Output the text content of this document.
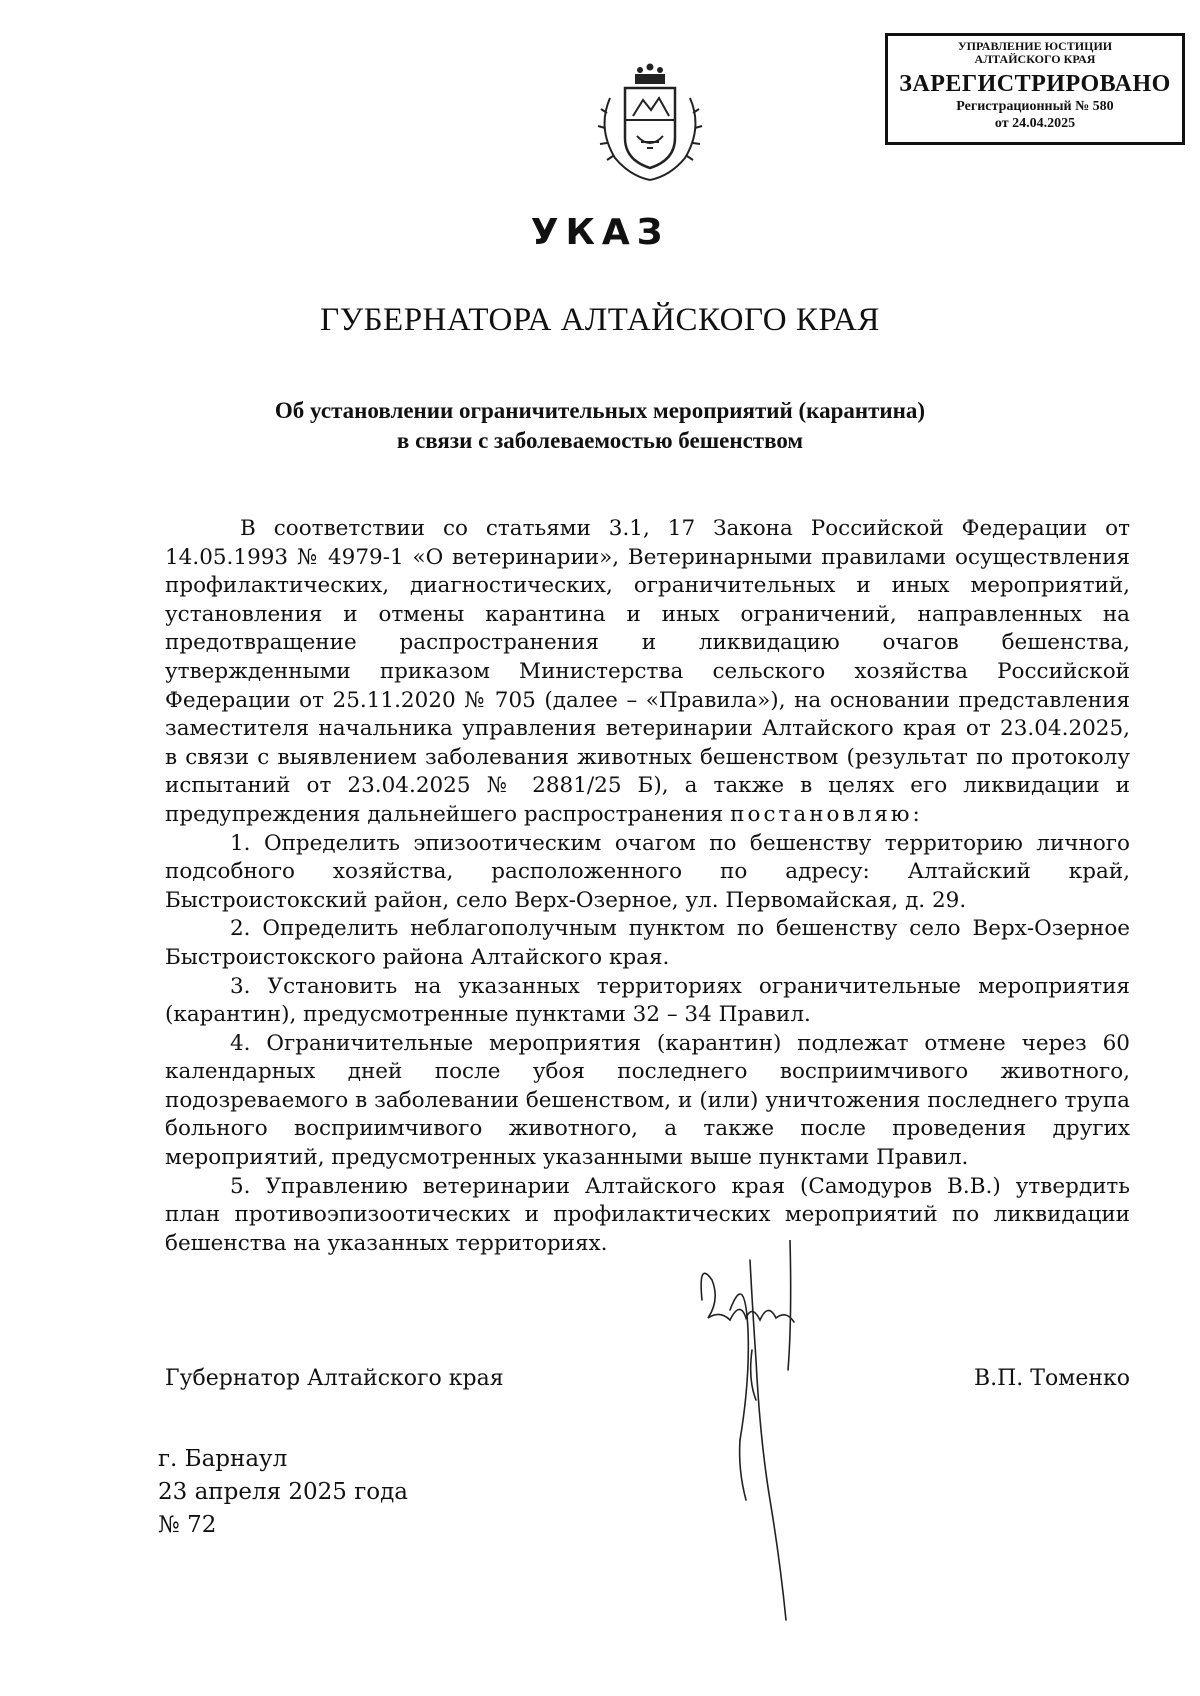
УПРАВЛЕНИЕ ЮСТИЦИИ
АЛТАЙСКОГО КРАЯ
ЗАРЕГИСТРИРОВАНО
Регистрационный № 580
от 24.04.2025
УКАЗ
ГУБЕРНАТОРА АЛТАЙСКОГО КРАЯ
Об установлении ограничительных мероприятий (карантина)
в связи с заболеваемостью бешенством

В соответствии со статьями 3.1, 17 Закона Российской Федерации от 14.05.1993 № 4979-1 «О ветеринарии», Ветеринарными правилами осуществления профилактических, диагностических, ограничительных и иных мероприятий, установления и отмены карантина и иных ограничений, направленных на предотвращение распространения и ликвидацию очагов бешенства, утвержденными приказом Министерства сельского хозяйства Российской Федерации от 25.11.2020 № 705 (далее – «Правила»), на основании представления заместителя начальника управления ветеринарии Алтайского края от 23.04.2025, в связи с выявлением заболевания животных бешенством (результат по протоколу испытаний от 23.04.2025 № 2881/25 Б), а также в целях его ликвидации и предупреждения дальнейшего распространения постановляю:

1. Определить эпизоотическим очагом по бешенству территорию личного подсобного хозяйства, расположенного по адресу: Алтайский край, Быстроистокский район, село Верх-Озерное, ул. Первомайская, д. 29.

2. Определить неблагополучным пунктом по бешенству село Верх-Озерное Быстроистокского района Алтайского края.

3. Установить на указанных территориях ограничительные мероприятия (карантин), предусмотренные пунктами 32 – 34 Правил.

4. Ограничительные мероприятия (карантин) подлежат отмене через 60 календарных дней после убоя последнего восприимчивого животного, подозреваемого в заболевании бешенством, и (или) уничтожения последнего трупа больного восприимчивого животного, а также после проведения других мероприятий, предусмотренных указанными выше пунктами Правил.

5. Управлению ветеринарии Алтайского края (Самодуров В.В.) утвердить план противоэпизоотических и профилактических мероприятий по ликвидации бешенства на указанных территориях.

Губернатор Алтайского края	В.П. Томенко
г. Барнаул
23 апреля 2025 года
№ 72
